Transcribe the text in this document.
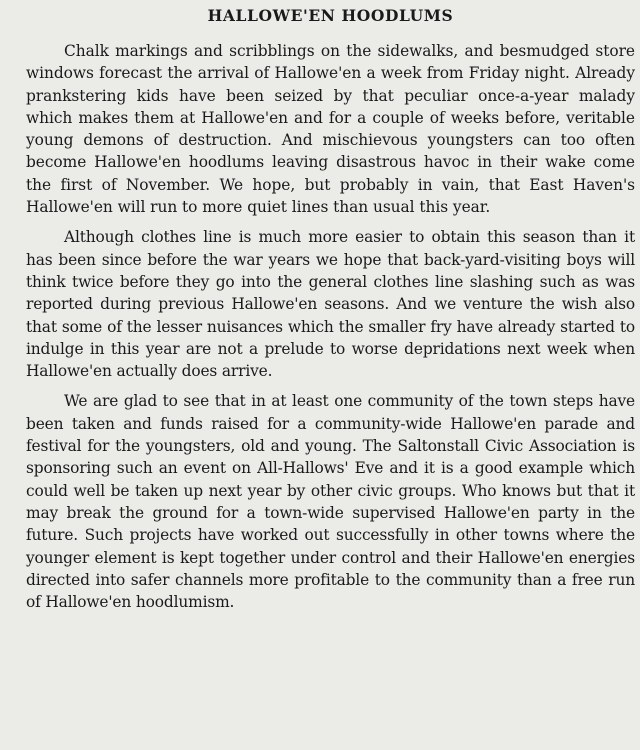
HALLOWE'EN HOODLUMS

Chalk markings and scribblings on the sidewalks, and besmudged store windows forecast the arrival of Hallowe'en a week from Friday night. Already prankstering kids have been seized by that peculiar once-a-year malady which makes them at Hallowe'en and for a couple of weeks before, veritable young demons of destruction. And mischievous youngsters can too often become Hallowe'en hoodlums leaving disastrous havoc in their wake come the first of November. We hope, but probably in vain, that East Haven's Hallowe'en will run to more quiet lines than usual this year.

Although clothes line is much more easier to obtain this season than it has been since before the war years we hope that back-yard-visiting boys will think twice before they go into the general clothes line slashing such as was reported during previous Hallowe'en seasons. And we venture the wish also that some of the lesser nuisances which the smaller fry have already started to indulge in this year are not a prelude to worse depridations next week when Hallowe'en actually does arrive.

We are glad to see that in at least one community of the town steps have been taken and funds raised for a community-wide Hallowe'en parade and festival for the youngsters, old and young. The Saltonstall Civic Association is sponsoring such an event on All-Hallows' Eve and it is a good example which could well be taken up next year by other civic groups. Who knows but that it may break the ground for a town-wide supervised Hallowe'en party in the future. Such projects have worked out successfully in other towns where the younger element is kept together under control and their Hallowe'en energies directed into safer channels more profitable to the community than a free run of Hallowe'en hoodlumism.
